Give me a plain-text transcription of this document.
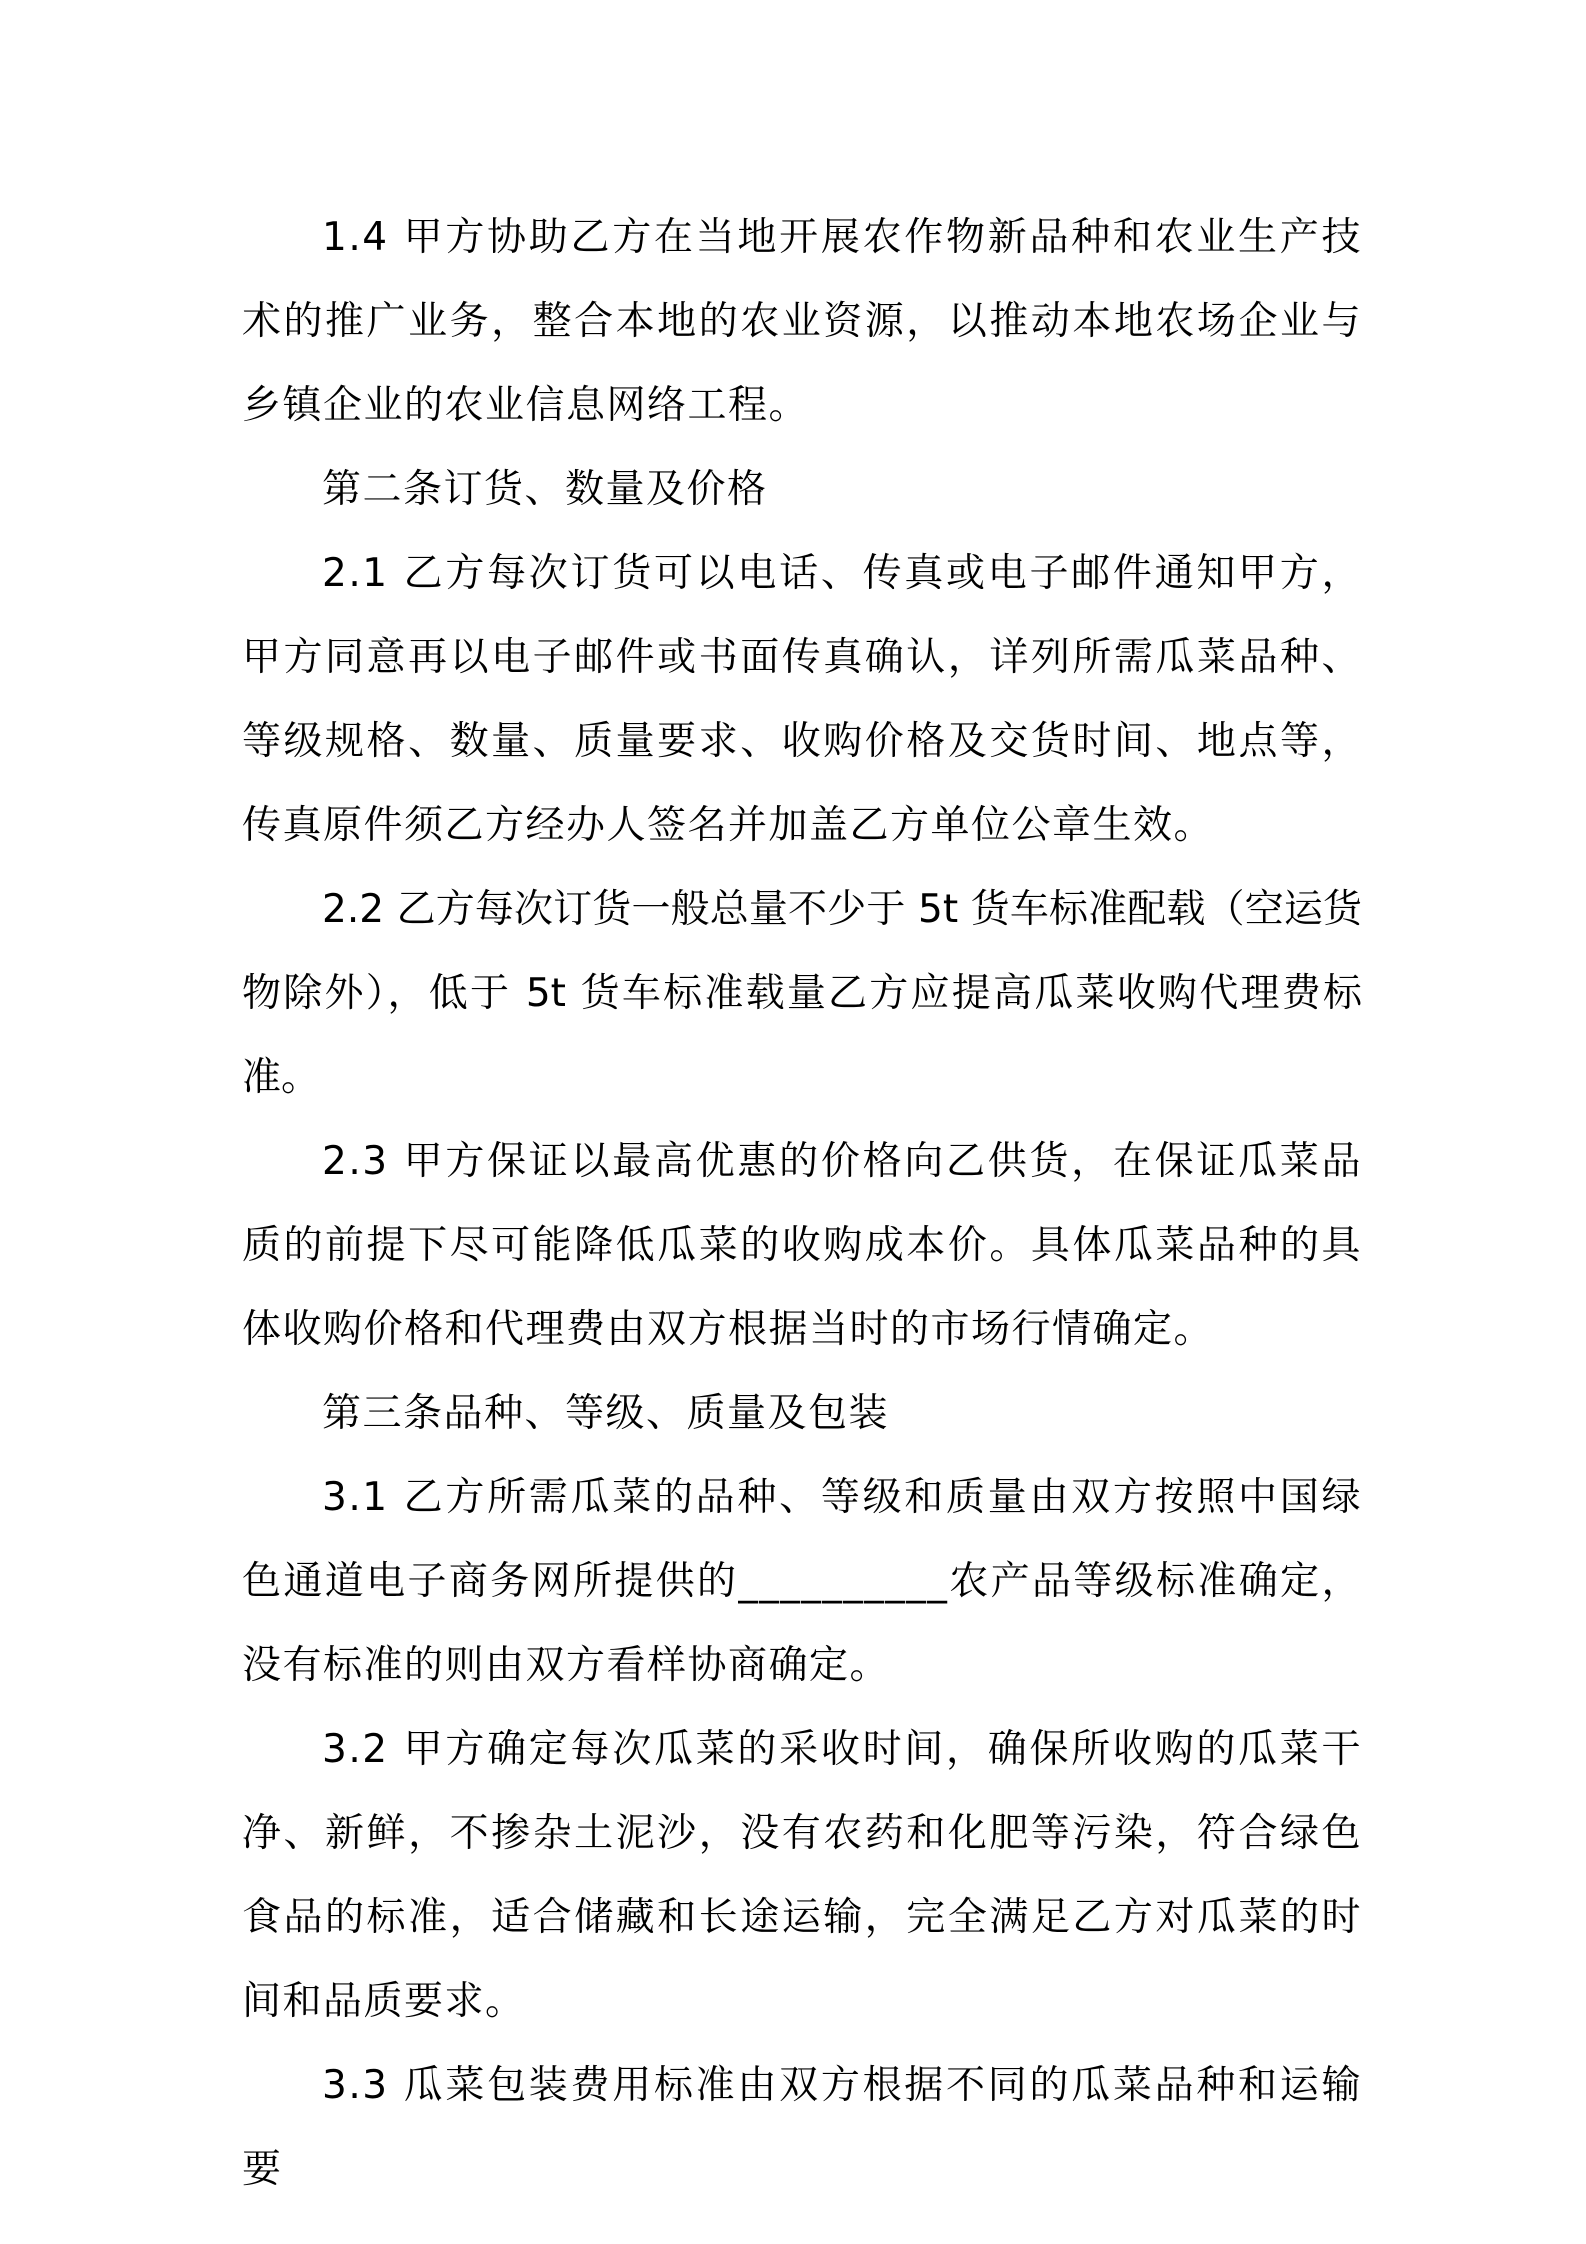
1.4 甲方协助乙方在当地开展农作物新品种和农业生产技术的推广业务，整合本地的农业资源，以推动本地农场企业与乡镇企业的农业信息网络工程。

第二条订货、数量及价格

2.1 乙方每次订货可以电话、传真或电子邮件通知甲方，甲方同意再以电子邮件或书面传真确认，详列所需瓜菜品种、等级规格、数量、质量要求、收购价格及交货时间、地点等，传真原件须乙方经办人签名并加盖乙方单位公章生效。

2.2 乙方每次订货一般总量不少于 5t 货车标准配载（空运货物除外），低于 5t 货车标准载量乙方应提高瓜菜收购代理费标准。

2.3 甲方保证以最高优惠的价格向乙供货，在保证瓜菜品质的前提下尽可能降低瓜菜的收购成本价。具体瓜菜品种的具体收购价格和代理费由双方根据当时的市场行情确定。

第三条品种、等级、质量及包装

3.1 乙方所需瓜菜的品种、等级和质量由双方按照中国绿色通道电子商务网所提供的__________农产品等级标准确定，没有标准的则由双方看样协商确定。

3.2 甲方确定每次瓜菜的采收时间，确保所收购的瓜菜干净、新鲜，不掺杂土泥沙，没有农药和化肥等污染，符合绿色食品的标准，适合储藏和长途运输，完全满足乙方对瓜菜的时间和品质要求。

3.3 瓜菜包装费用标准由双方根据不同的瓜菜品种和运输要
